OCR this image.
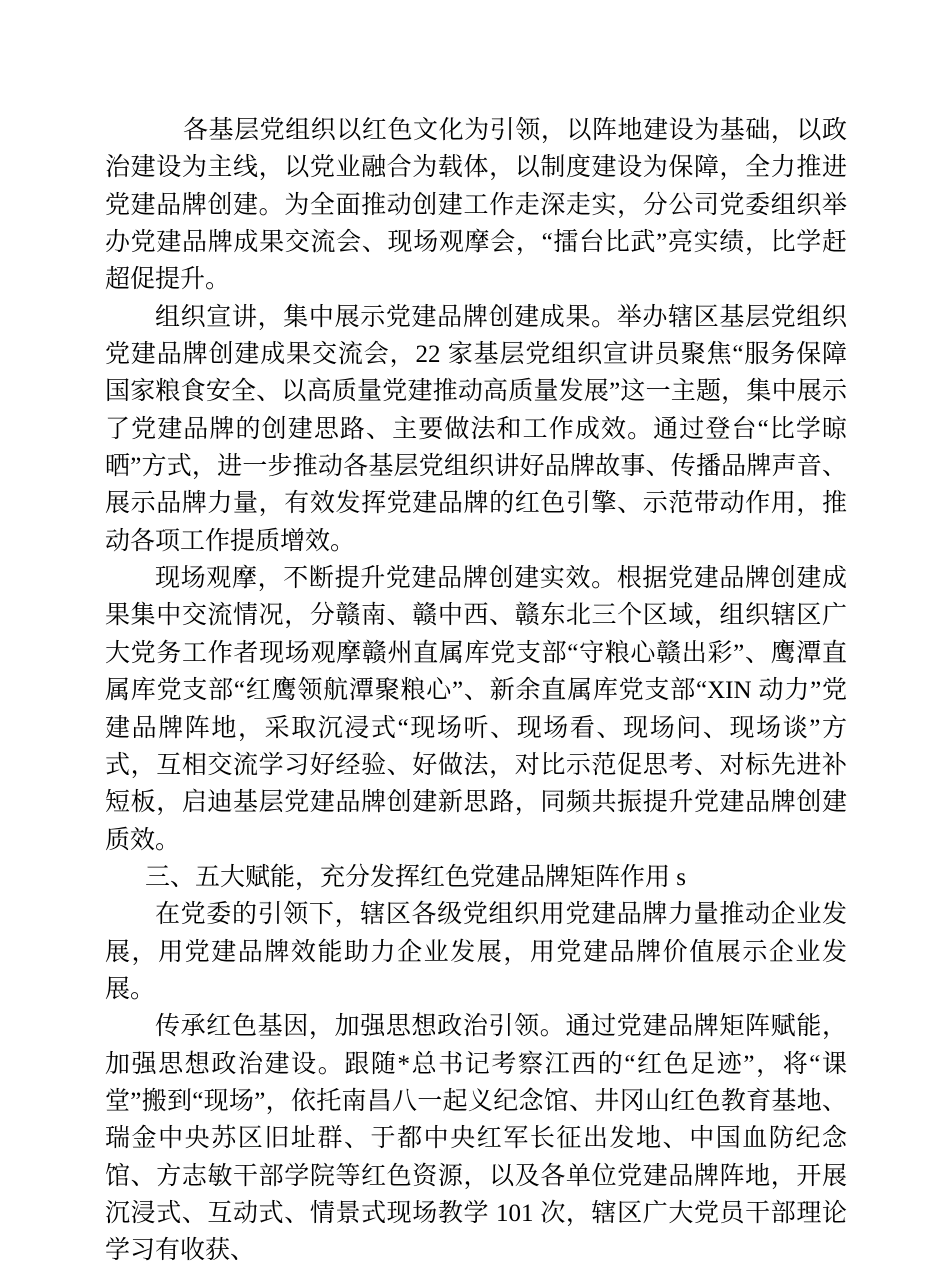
各基层党组织以红色文化为引领，以阵地建设为基础，以政治建设为主线，以党业融合为载体，以制度建设为保障，全力推进党建品牌创建。为全面推动创建工作走深走实，分公司党委组织举办党建品牌成果交流会、现场观摩会，“擂台比武”亮实绩，比学赶超促提升。

组织宣讲，集中展示党建品牌创建成果。举办辖区基层党组织党建品牌创建成果交流会，22 家基层党组织宣讲员聚焦“服务保障国家粮食安全、以高质量党建推动高质量发展”这一主题，集中展示了党建品牌的创建思路、主要做法和工作成效。通过登台“比学晾晒”方式，进一步推动各基层党组织讲好品牌故事、传播品牌声音、展示品牌力量，有效发挥党建品牌的红色引擎、示范带动作用，推动各项工作提质增效。

现场观摩，不断提升党建品牌创建实效。根据党建品牌创建成果集中交流情况，分赣南、赣中西、赣东北三个区域，组织辖区广大党务工作者现场观摩赣州直属库党支部“守粮心赣出彩”、鹰潭直属库党支部“红鹰领航潭聚粮心”、新余直属库党支部“XIN 动力”党建品牌阵地，采取沉浸式“现场听、现场看、现场问、现场谈”方式，互相交流学习好经验、好做法，对比示范促思考、对标先进补短板，启迪基层党建品牌创建新思路，同频共振提升党建品牌创建质效。

三、五大赋能，充分发挥红色党建品牌矩阵作用 s

在党委的引领下，辖区各级党组织用党建品牌力量推动企业发展，用党建品牌效能助力企业发展，用党建品牌价值展示企业发展。

传承红色基因，加强思想政治引领。通过党建品牌矩阵赋能，加强思想政治建设。跟随*总书记考察江西的“红色足迹”，将“课堂”搬到“现场”，依托南昌八一起义纪念馆、井冈山红色教育基地、瑞金中央苏区旧址群、于都中央红军长征出发地、中国血防纪念馆、方志敏干部学院等红色资源，以及各单位党建品牌阵地，开展沉浸式、互动式、情景式现场教学 101 次，辖区广大党员干部理论学习有收获、
